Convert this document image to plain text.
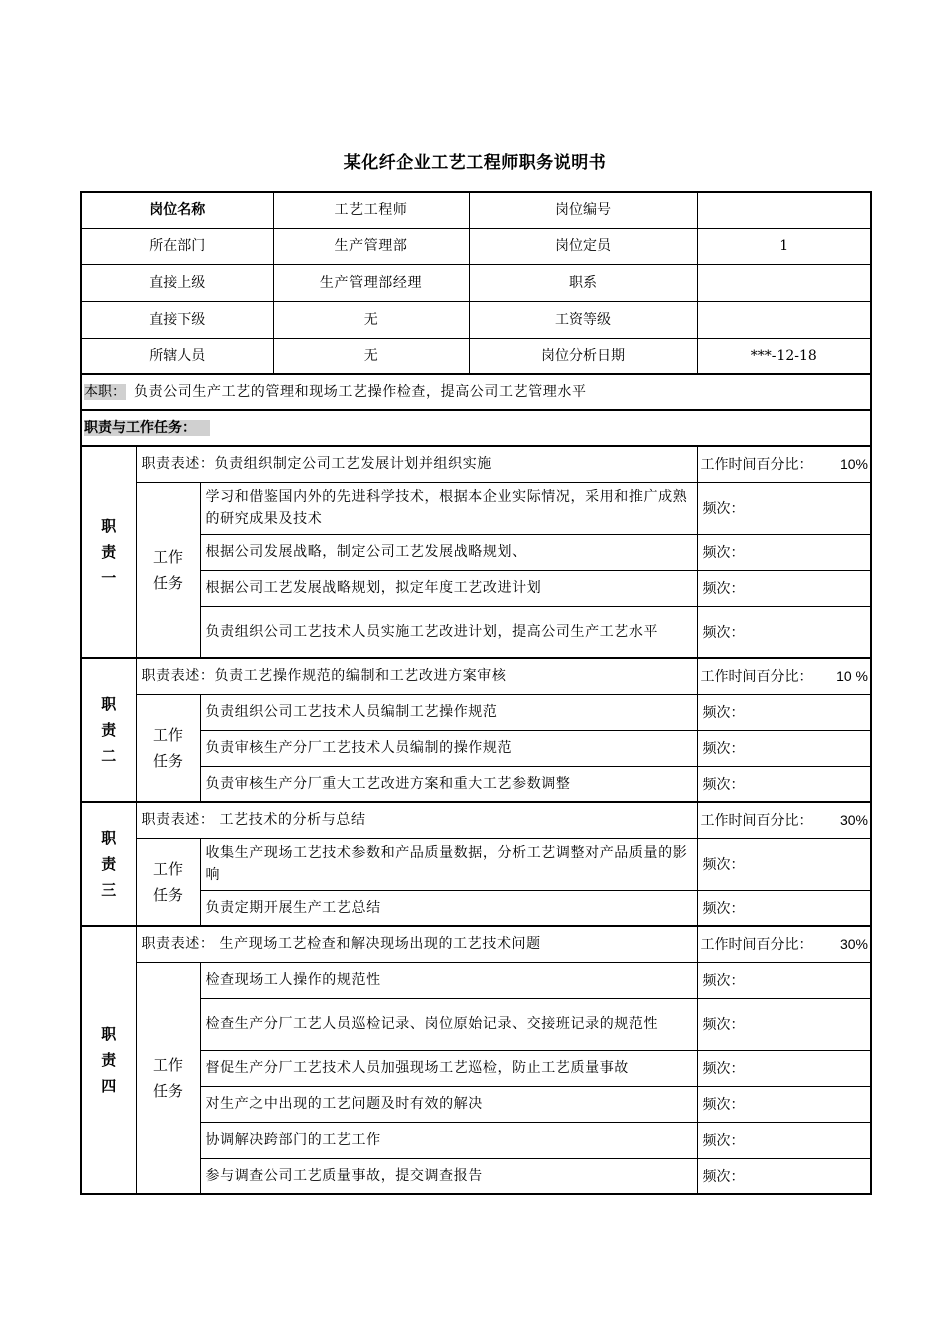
某化纤企业工艺工程师职务说明书
岗位名称			工艺工程师	岗位编号	
所在部门			生产管理部	岗位定员	1
直接上级			生产管理部经理	职系	
直接下级			无	工资等级	
所辖人员			无	岗位分析日期	***-12-18
本职： 负责公司生产工艺的管理和现场工艺操作检查，提高公司工艺管理水平					
职责与工作任务：					 

职责一	职责表述：负责组织制定公司工艺发展计划并组织实施				工作时间百分比： 10%

	工作任务	学习和借鉴国内外的先进科学技术，根据本企业实际情况，采用和推广成熟的研究成果及技术			频次：
		根据公司发展战略，制定公司工艺发展战略规划、			频次：
		根据公司工艺发展战略规划，拟定年度工艺改进计划			频次：
		负责组织公司工艺技术人员实施工艺改进计划，提高公司生产工艺水平			频次：

职责二	职责表述：负责工艺操作规范的编制和工艺改进方案审核				工作时间百分比： 10 %

	工作任务	负责组织公司工艺技术人员编制工艺操作规范			频次：
		负责审核生产分厂工艺技术人员编制的操作规范			频次：
		负责审核生产分厂重大工艺改进方案和重大工艺参数调整			频次：

职责三	职责表述： 工艺技术的分析与总结				工作时间百分比： 30%

	工作任务	收集生产现场工艺技术参数和产品质量数据，分析工艺调整对产品质量的影响			频次：
		负责定期开展生产工艺总结			频次：

职责四	职责表述： 生产现场工艺检查和解决现场出现的工艺技术问题				工作时间百分比： 30%

	工作任务	检查现场工人操作的规范性			频次：
		检查生产分厂工艺人员巡检记录、岗位原始记录、交接班记录的规范性			频次：
		督促生产分厂工艺技术人员加强现场工艺巡检，防止工艺质量事故			频次：
		对生产之中出现的工艺问题及时有效的解决			频次：
		协调解决跨部门的工艺工作			频次：
		参与调查公司工艺质量事故，提交调查报告			频次：
